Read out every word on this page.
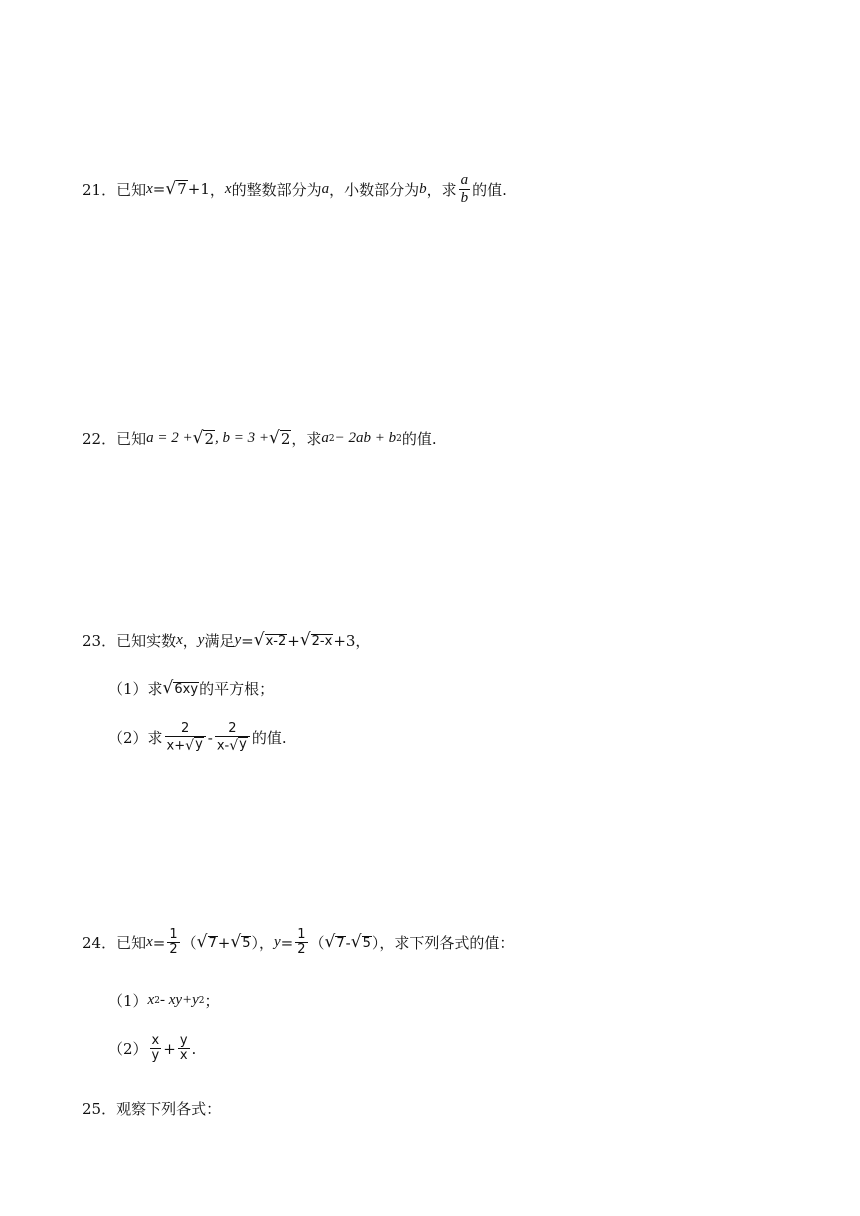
21． 已知 x = √ 7 +1 ， x 的整数部分为 a ，小数部分为 b ，求 $\frac{a}{b}$ 的值.
22． 已知 a = 2 + √ 2 , b = 3 + √ 2 ，求 a 2 − 2ab + b 2 的值.
23． 已知实数 x ， y 满足 y = √ x-2 + √ 2-x +3，
（1）求 √ 6xy 的平方根；
（2）求 $\frac{2}{x+ √ y} - \frac{2}{x- √ y}$ 的值.
24． 已知 $x = \frac{1}{2}$ （ √ 7 + √ 5 ）， $y = \frac{1}{2}$ （ √ 7 - √ 5 ），求下列各式的值：
（1） x 2 - xy+y 2 ；
$(2) \frac{x}{y} + \frac{y}{x}$ .
25． 观察下列各式：
